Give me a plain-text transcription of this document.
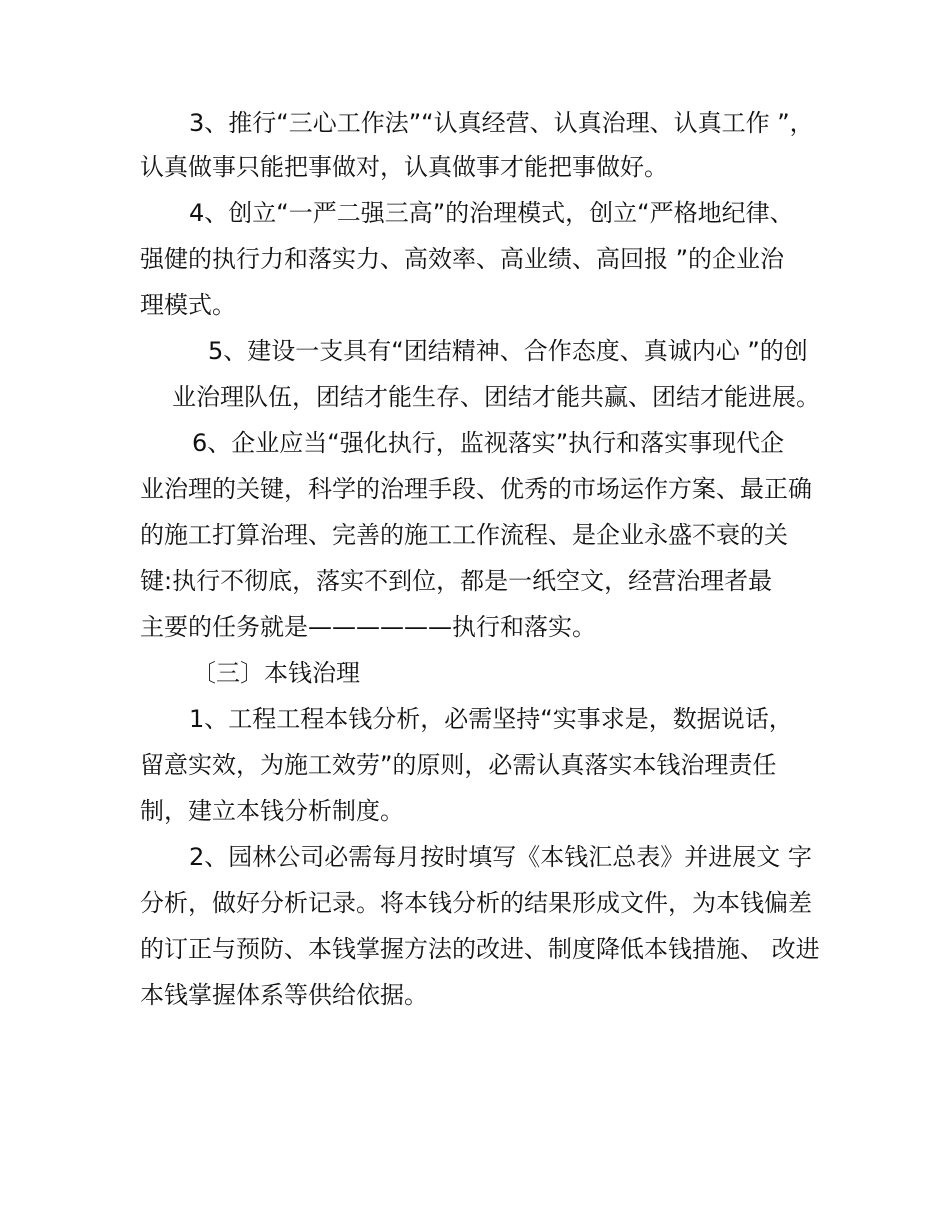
3、推行“三心工作法”“认真经营、认真治理、认真工作 ”，
认真做事只能把事做对，认真做事才能把事做好。
4、创立“一严二强三高”的治理模式，创立“严格地纪律、
强健的执行力和落实力、高效率、高业绩、高回报 ”的企业治
理模式。
5、建设一支具有“团结精神、合作态度、真诚内心 ”的创
业治理队伍，团结才能生存、团结才能共赢、团结才能进展。
6、企业应当“强化执行，监视落实”执行和落实事现代企
业治理的关键，科学的治理手段、优秀的市场运作方案、最正确
的施工打算治理、完善的施工工作流程、是企业永盛不衰的关
键:执行不彻底，落实不到位，都是一纸空文，经营治理者最
主要的任务就是——————执行和落实。
〔三〕本钱治理
1、工程工程本钱分析，必需坚持“实事求是，数据说话，
留意实效，为施工效劳”的原则，必需认真落实本钱治理责任
制，建立本钱分析制度。
2、园林公司必需每月按时填写《本钱汇总表》并进展文 字
分析，做好分析记录。将本钱分析的结果形成文件，为本钱偏差
的订正与预防、本钱掌握方法的改进、制度降低本钱措施、 改进
本钱掌握体系等供给依据。
